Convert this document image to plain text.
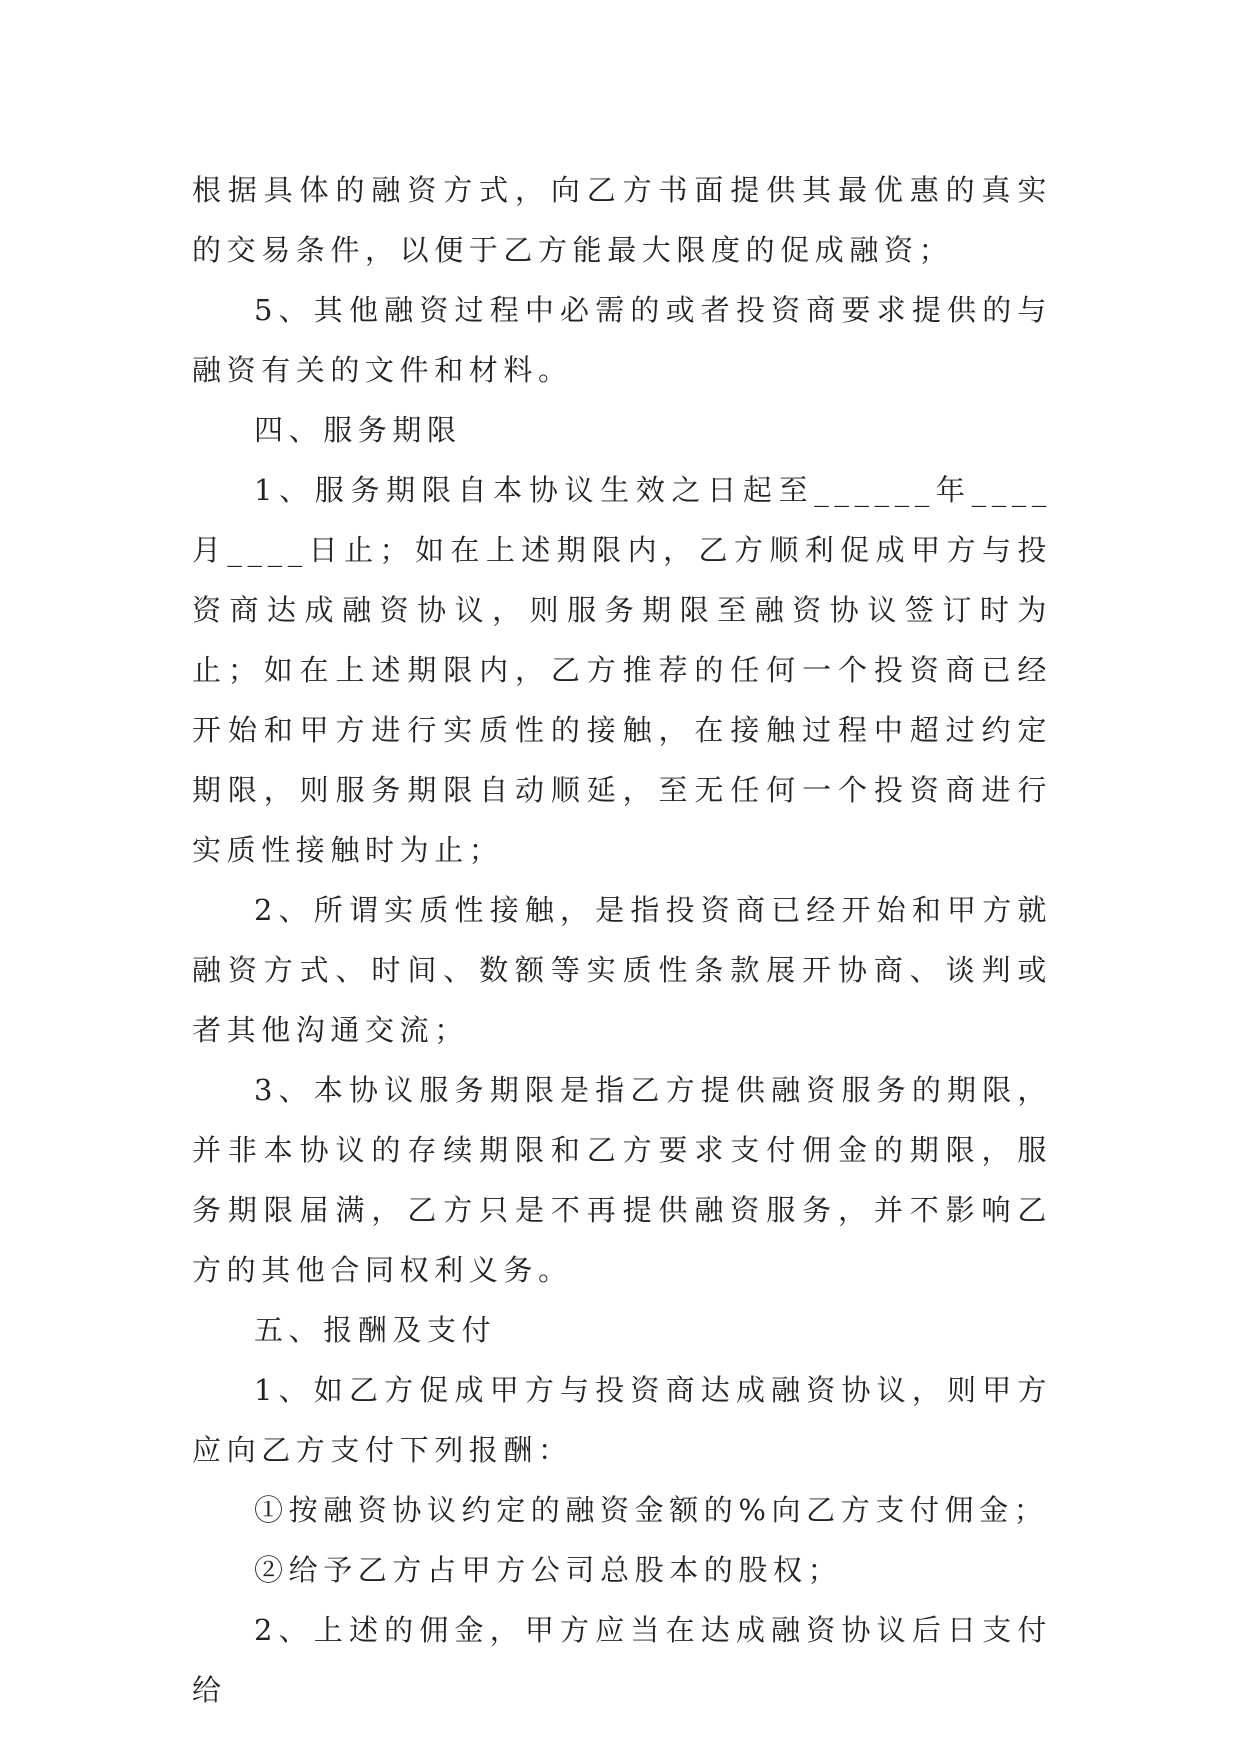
根据具体的融资方式，向乙方书面提供其最优惠的真实的交易条件，以便于乙方能最大限度的促成融资；

5、其他融资过程中必需的或者投资商要求提供的与融资有关的文件和材料。

四、服务期限

1、服务期限自本协议生效之日起至______年____月____日止；如在上述期限内，乙方顺利促成甲方与投资商达成融资协议，则服务期限至融资协议签订时为止；如在上述期限内，乙方推荐的任何一个投资商已经开始和甲方进行实质性的接触，在接触过程中超过约定期限，则服务期限自动顺延，至无任何一个投资商进行实质性接触时为止；

2、所谓实质性接触，是指投资商已经开始和甲方就融资方式、时间、数额等实质性条款展开协商、谈判或者其他沟通交流；

3、本协议服务期限是指乙方提供融资服务的期限，并非本协议的存续期限和乙方要求支付佣金的期限，服务期限届满，乙方只是不再提供融资服务，并不影响乙方的其他合同权利义务。

五、报酬及支付

1、如乙方促成甲方与投资商达成融资协议，则甲方应向乙方支付下列报酬：

①按融资协议约定的融资金额的%向乙方支付佣金；

②给予乙方占甲方公司总股本的股权；

2、上述的佣金，甲方应当在达成融资协议后日支付给
